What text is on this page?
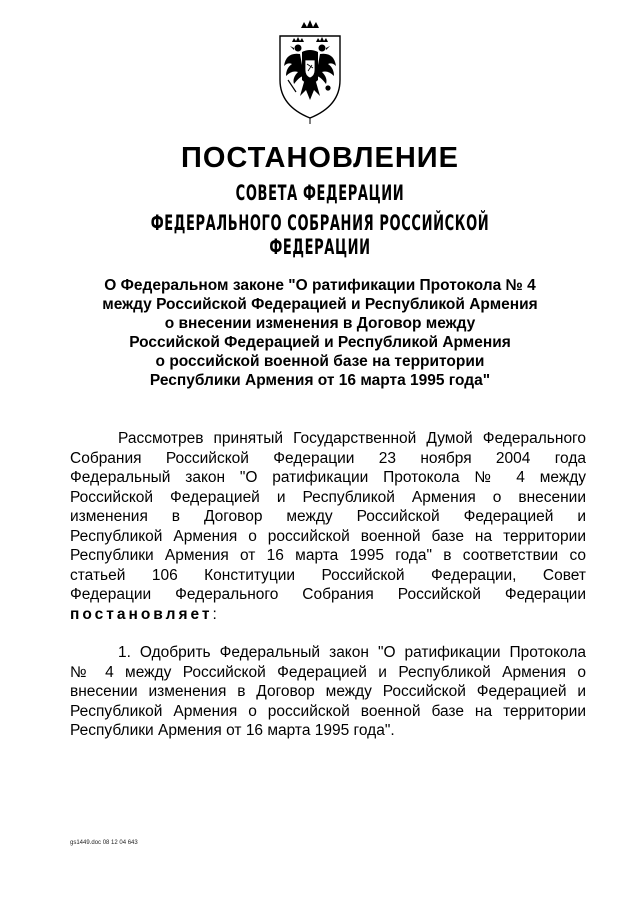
ПОСТАНОВЛЕНИЕ
СОВЕТА ФЕДЕРАЦИИ
ФЕДЕРАЛЬНОГО СОБРАНИЯ РОССИЙСКОЙ ФЕДЕРАЦИИ
О Федеральном законе "О ратификации Протокола № 4
между Российской Федерацией и Республикой Армения
о внесении изменения в Договор между
Российской Федерацией и Республикой Армения
о российской военной базе на территории
Республики Армения от 16 марта 1995 года"
Рассмотрев принятый Государственной Думой Федерального
Собрания Российской Федерации 23 ноября 2004 года
Федеральный закон "О ратификации Протокола № 4 между
Российской Федерацией и Республикой Армения о внесении
изменения в Договор между Российской Федерацией и
Республикой Армения о российской военной базе на территории
Республики Армения от 16 марта 1995 года" в соответствии со
статьей 106 Конституции Российской Федерации, Совет
Федерации Федерального Собрания Российской Федерации
постановляет:
1. Одобрить Федеральный закон "О ратификации Протокола
№ 4 между Российской Федерацией и Республикой Армения о
внесении изменения в Договор между Российской Федерацией и
Республикой Армения о российской военной базе на территории
Республики Армения от 16 марта 1995 года".
gs1449.doc 08 12 04 643
